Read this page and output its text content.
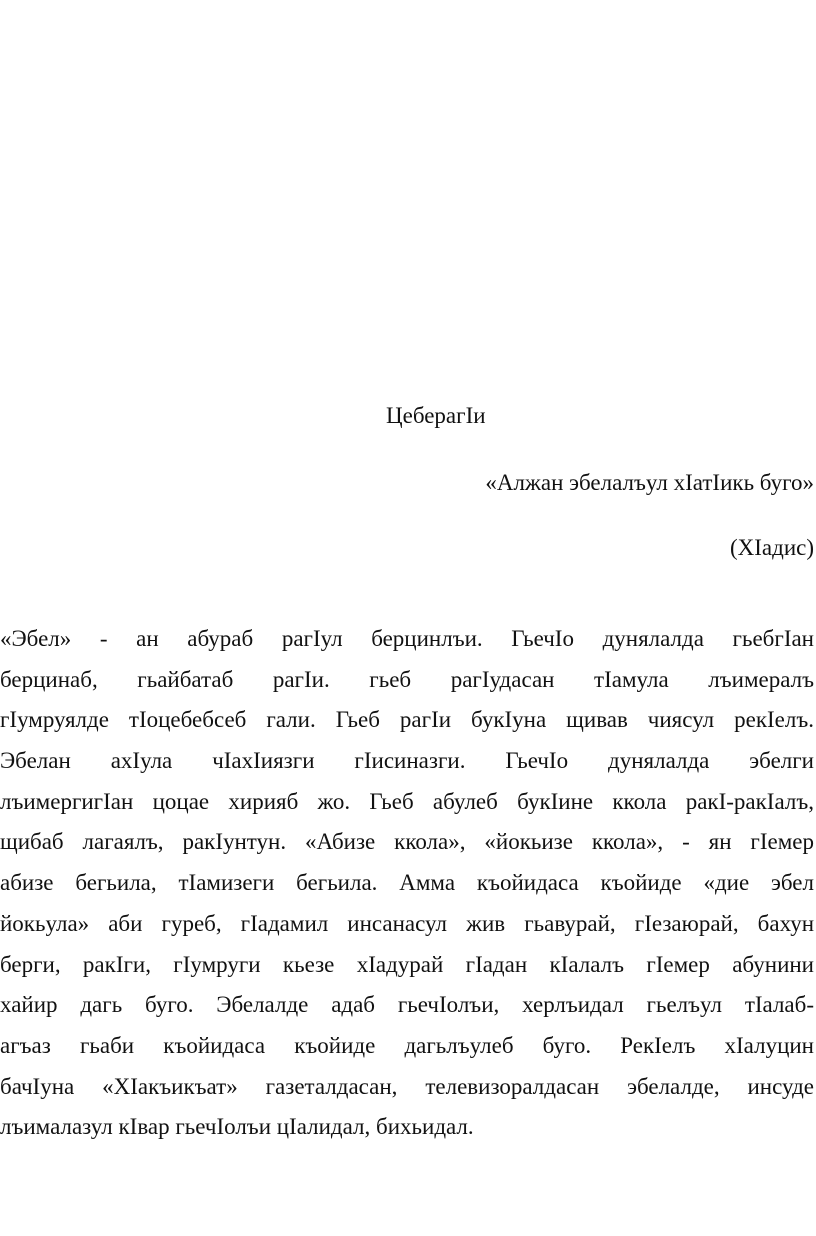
ЦеберагӀи

«Алжан эбелалъул хӀатӀикь буго»

(ХӀадис)

«Эбел» - ан абураб рагӀул берцинлъи. ГьечӀо дунялалда гьебгӀан
берцинаб, гьайбатаб рагӀи. гьеб рагӀудасан тӀамула лъимералъ
гӀумруялде тӀоцебебсеб гали. Гьеб рагӀи букӀуна щивав чиясул рекӀелъ.
Эбелан ахӀула чӀахӀиязги гӀисиназги. ГьечӀо дунялалда эбелги
лъимергигӀан цоцае хирияб жо. Гьеб абулеб букӀине ккола ракӀ-ракӀалъ,
щибаб лагаялъ, ракӀунтун. «Абизе ккола», «йокьизе ккола», - ян гӀемер
абизе бегьила, тӀамизеги бегьила. Амма къойидаса къойиде «дие эбел
йокьула» аби гуреб, гӀадамил инсанасул жив гьавурай, гӀезаюрай, бахун
берги, ракӀги, гӀумруги кьезе хӀадурай гӀадан кӀалалъ гӀемер абунини
хайир дагь буго. Эбелалде адаб гьечӀолъи, херлъидал гьелъул тӀалаб-
агъаз гьаби къойидаса къойиде дагьлъулеб буго. РекӀелъ хӀалуцин
бачӀуна «ХӀакъикъат» газеталдасан, телевизоралдасан эбелалде, инсуде
лъималазул кӀвар гьечӀолъи цӀалидал, бихьидал.
